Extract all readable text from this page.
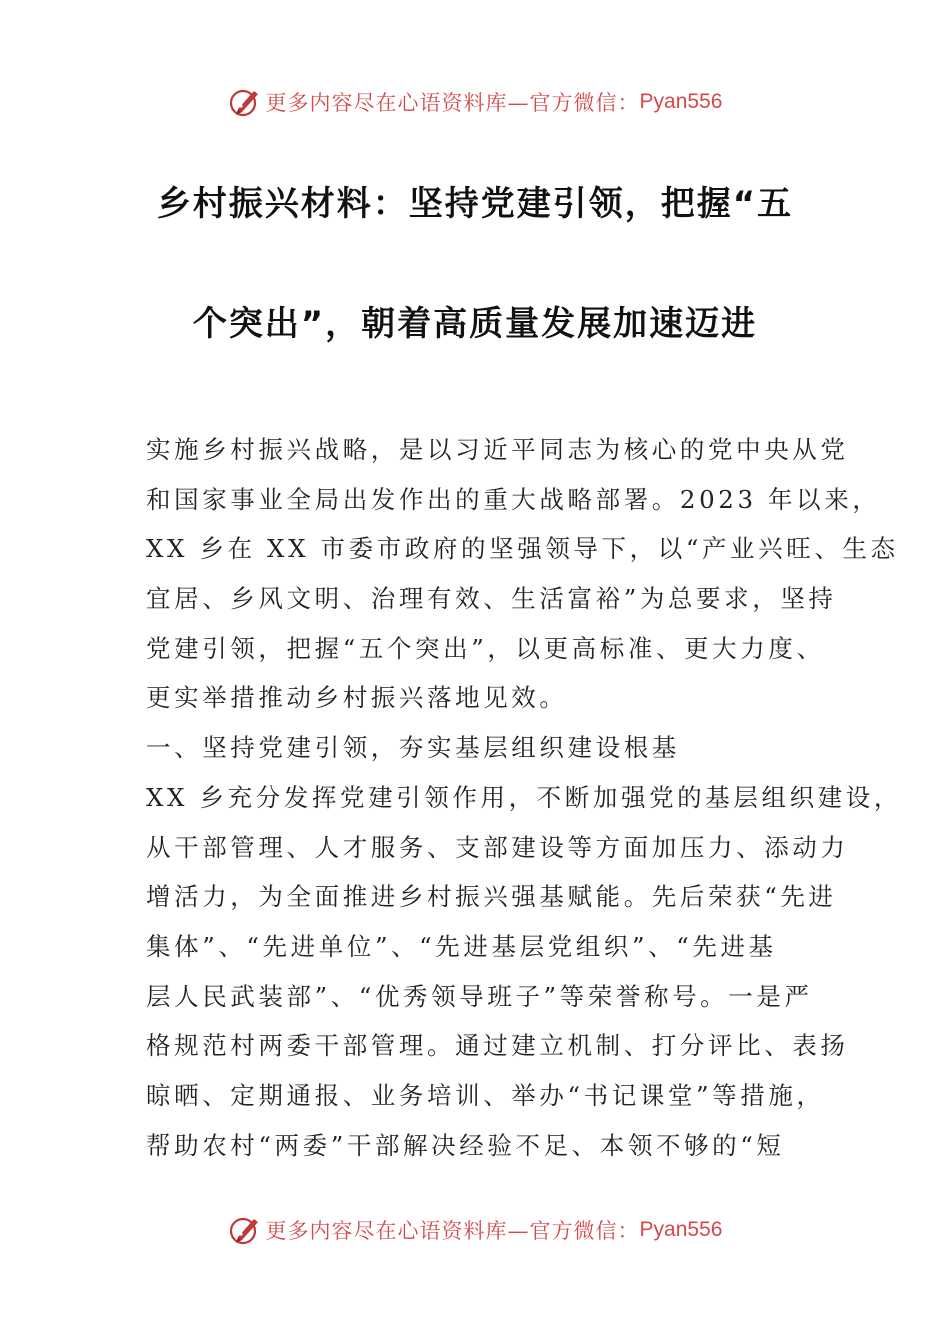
更多内容尽在心语资料库—官方微信： Pyan556
乡村振兴材料：坚持党建引领，把握“五
个突出”，朝着高质量发展加速迈进
实施乡村振兴战略，是以习近平同志为核心的党中央从党
和国家事业全局出发作出的重大战略部署。2023 年以来，
XX 乡在 XX 市委市政府的坚强领导下，以“产业兴旺、生态
宜居、乡风文明、治理有效、生活富裕”为总要求，坚持
党建引领，把握“五个突出”，以更高标准、更大力度、
更实举措推动乡村振兴落地见效。
一、坚持党建引领，夯实基层组织建设根基
XX 乡充分发挥党建引领作用，不断加强党的基层组织建设，
从干部管理、人才服务、支部建设等方面加压力、添动力
增活力，为全面推进乡村振兴强基赋能。先后荣获“先进
集体”、“先进单位”、“先进基层党组织”、“先进基
层人民武装部”、“优秀领导班子”等荣誉称号。一是严
格规范村两委干部管理。通过建立机制、打分评比、表扬
晾晒、定期通报、业务培训、举办“书记课堂”等措施，
帮助农村“两委”干部解决经验不足、本领不够的“短
更多内容尽在心语资料库—官方微信： Pyan556
